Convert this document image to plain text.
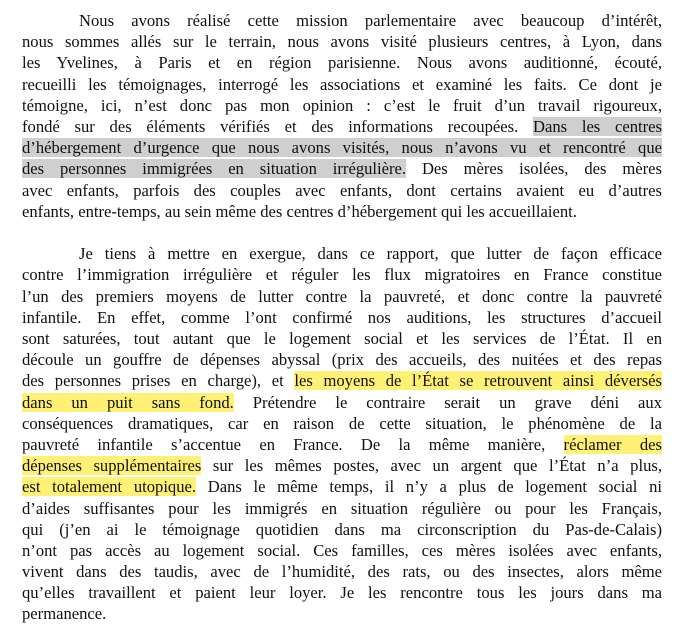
Nous avons réalisé cette mission parlementaire avec beaucoup d’intérêt,
nous sommes allés sur le terrain, nous avons visité plusieurs centres, à Lyon, dans
les Yvelines, à Paris et en région parisienne. Nous avons auditionné, écouté,
recueilli les témoignages, interrogé les associations et examiné les faits. Ce dont je
témoigne, ici, n’est donc pas mon opinion : c’est le fruit d’un travail rigoureux,
fondé sur des éléments vérifiés et des informations recoupées. Dans les centres
d’hébergement d’urgence que nous avons visités, nous n’avons vu et rencontré que
des personnes immigrées en situation irrégulière. Des mères isolées, des mères
avec enfants, parfois des couples avec enfants, dont certains avaient eu d’autres
enfants, entre-temps, au sein même des centres d’hébergement qui les accueillaient.
Je tiens à mettre en exergue, dans ce rapport, que lutter de façon efficace
contre l’immigration irrégulière et réguler les flux migratoires en France constitue
l’un des premiers moyens de lutter contre la pauvreté, et donc contre la pauvreté
infantile. En effet, comme l’ont confirmé nos auditions, les structures d’accueil
sont saturées, tout autant que le logement social et les services de l’État. Il en
découle un gouffre de dépenses abyssal (prix des accueils, des nuitées et des repas
des personnes prises en charge), et les moyens de l’État se retrouvent ainsi déversés
dans un puit sans fond. Prétendre le contraire serait un grave déni aux
conséquences dramatiques, car en raison de cette situation, le phénomène de la
pauvreté infantile s’accentue en France. De la même manière, réclamer des
dépenses supplémentaires sur les mêmes postes, avec un argent que l’État n’a plus,
est totalement utopique. Dans le même temps, il n’y a plus de logement social ni
d’aides suffisantes pour les immigrés en situation régulière ou pour les Français,
qui (j’en ai le témoignage quotidien dans ma circonscription du Pas-de-Calais)
n’ont pas accès au logement social. Ces familles, ces mères isolées avec enfants,
vivent dans des taudis, avec de l’humidité, des rats, ou des insectes, alors même
qu’elles travaillent et paient leur loyer. Je les rencontre tous les jours dans ma
permanence.
